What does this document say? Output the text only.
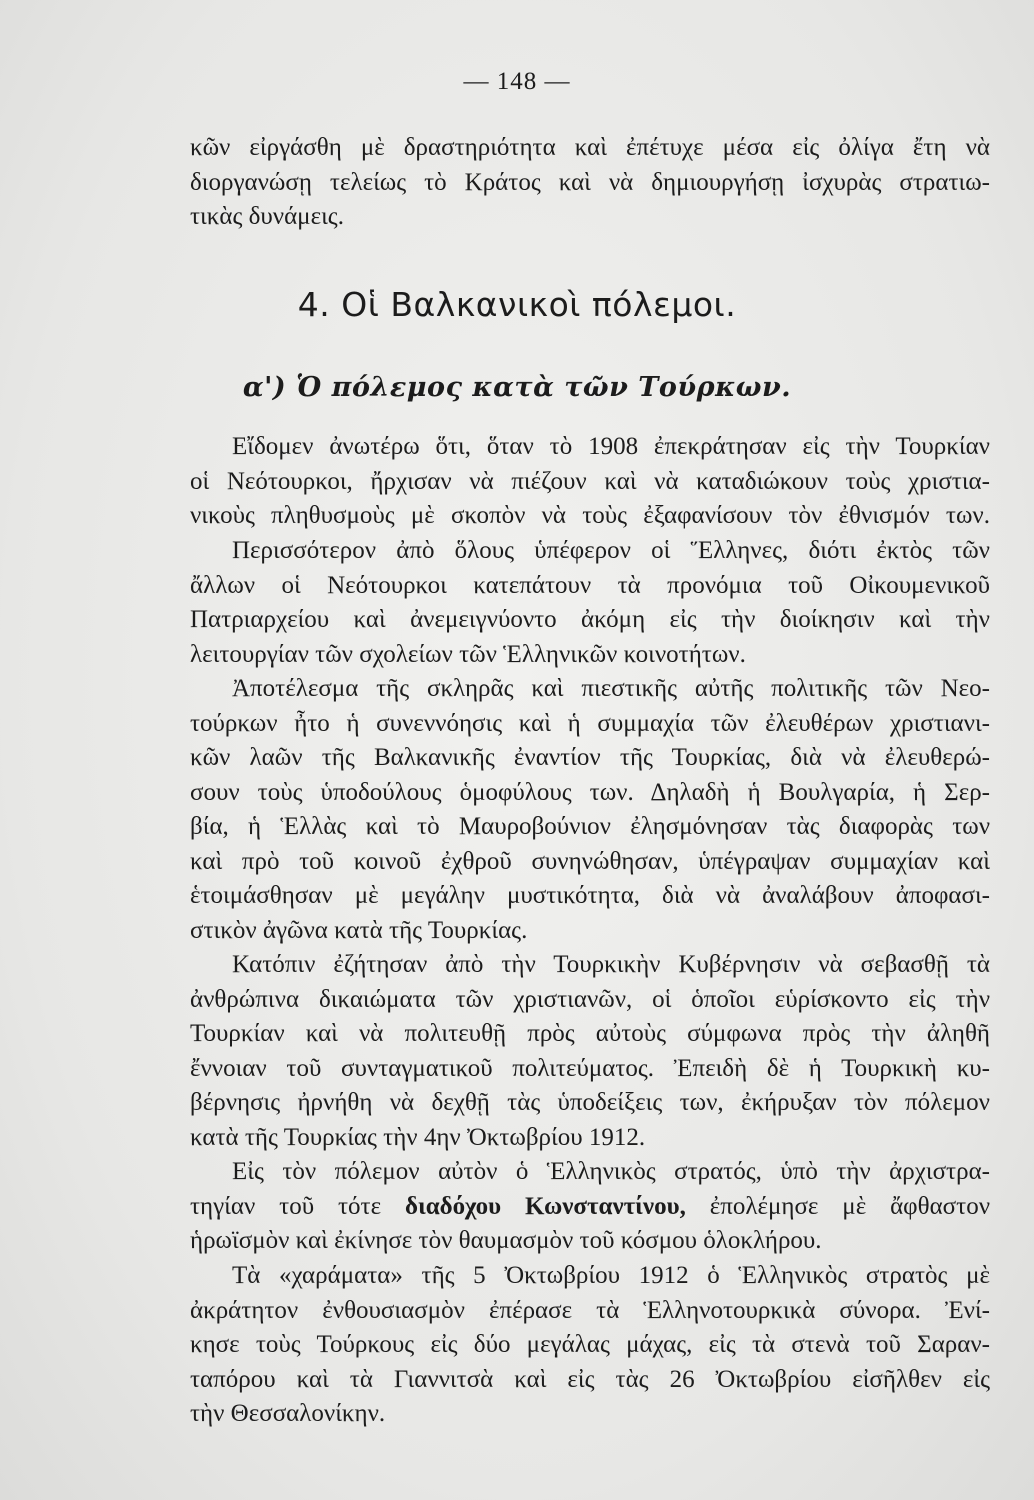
— 148 —
κῶν εἰργάσθη μὲ δραστηριότητα καὶ ἐπέτυχε μέσα εἰς ὀλίγα ἔτη νὰ
διοργανώσῃ τελείως τὸ Κράτος καὶ νὰ δημιουργήσῃ ἰσχυρὰς στρατιω-
τικὰς δυνάμεις.
4. Οἱ Βαλκανικοὶ πόλεμοι.
α') Ὁ πόλεμος κατὰ τῶν Τούρκων.
Εἴδομεν ἀνωτέρω ὅτι, ὅταν τὸ 1908 ἐπεκράτησαν εἰς τὴν Τουρκίαν
οἱ Νεότουρκοι, ἤρχισαν νὰ πιέζουν καὶ νὰ καταδιώκουν τοὺς χριστια-
νικοὺς πληθυσμοὺς μὲ σκοπὸν νὰ τοὺς ἐξαφανίσουν τὸν ἐθνισμόν των.
Περισσότερον ἀπὸ ὅλους ὑπέφερον οἱ Ἕλληνες, διότι ἐκτὸς τῶν
ἄλλων οἱ Νεότουρκοι κατεπάτουν τὰ προνόμια τοῦ Οἰκουμενικοῦ
Πατριαρχείου καὶ ἀνεμειγνύοντο ἀκόμη εἰς τὴν διοίκησιν καὶ τὴν
λειτουργίαν τῶν σχολείων τῶν Ἑλληνικῶν κοινοτήτων.
Ἀποτέλεσμα τῆς σκληρᾶς καὶ πιεστικῆς αὐτῆς πολιτικῆς τῶν Νεο-
τούρκων ἦτο ἡ συνεννόησις καὶ ἡ συμμαχία τῶν ἐλευθέρων χριστιανι-
κῶν λαῶν τῆς Βαλκανικῆς ἐναντίον τῆς Τουρκίας, διὰ νὰ ἐλευθερώ-
σουν τοὺς ὑποδούλους ὁμοφύλους των. Δηλαδὴ ἡ Βουλγαρία, ἡ Σερ-
βία, ἡ Ἑλλὰς καὶ τὸ Μαυροβούνιον ἐλησμόνησαν τὰς διαφορὰς των
καὶ πρὸ τοῦ κοινοῦ ἐχθροῦ συνηνώθησαν, ὑπέγραψαν συμμαχίαν καὶ
ἑτοιμάσθησαν μὲ μεγάλην μυστικότητα, διὰ νὰ ἀναλάβουν ἀποφασι-
στικὸν ἀγῶνα κατὰ τῆς Τουρκίας.
Κατόπιν ἐζήτησαν ἀπὸ τὴν Τουρκικὴν Κυβέρνησιν νὰ σεβασθῇ τὰ
ἀνθρώπινα δικαιώματα τῶν χριστιανῶν, οἱ ὁποῖοι εὑρίσκοντο εἰς τὴν
Τουρκίαν καὶ νὰ πολιτευθῇ πρὸς αὐτοὺς σύμφωνα πρὸς τὴν ἀληθῆ
ἔννοιαν τοῦ συνταγματικοῦ πολιτεύματος. Ἐπειδὴ δὲ ἡ Τουρκικὴ κυ-
βέρνησις ἠρνήθη νὰ δεχθῇ τὰς ὑποδείξεις των, ἐκήρυξαν τὸν πόλεμον
κατὰ τῆς Τουρκίας τὴν 4ην Ὀκτωβρίου 1912.
Εἰς τὸν πόλεμον αὐτὸν ὁ Ἑλληνικὸς στρατός, ὑπὸ τὴν ἀρχιστρα-
τηγίαν τοῦ τότε διαδόχου Κωνσταντίνου, ἐπολέμησε μὲ ἄφθαστον
ἡρωϊσμὸν καὶ ἐκίνησε τὸν θαυμασμὸν τοῦ κόσμου ὁλοκλήρου.
Τὰ «χαράματα» τῆς 5 Ὀκτωβρίου 1912 ὁ Ἑλληνικὸς στρατὸς μὲ
ἀκράτητον ἐνθουσιασμὸν ἐπέρασε τὰ Ἑλληνοτουρκικὰ σύνορα. Ἐνί-
κησε τοὺς Τούρκους εἰς δύο μεγάλας μάχας, εἰς τὰ στενὰ τοῦ Σαραν-
ταπόρου καὶ τὰ Γιαννιτσὰ καὶ εἰς τὰς 26 Ὀκτωβρίου εἰσῆλθεν εἰς
τὴν Θεσσαλονίκην.
